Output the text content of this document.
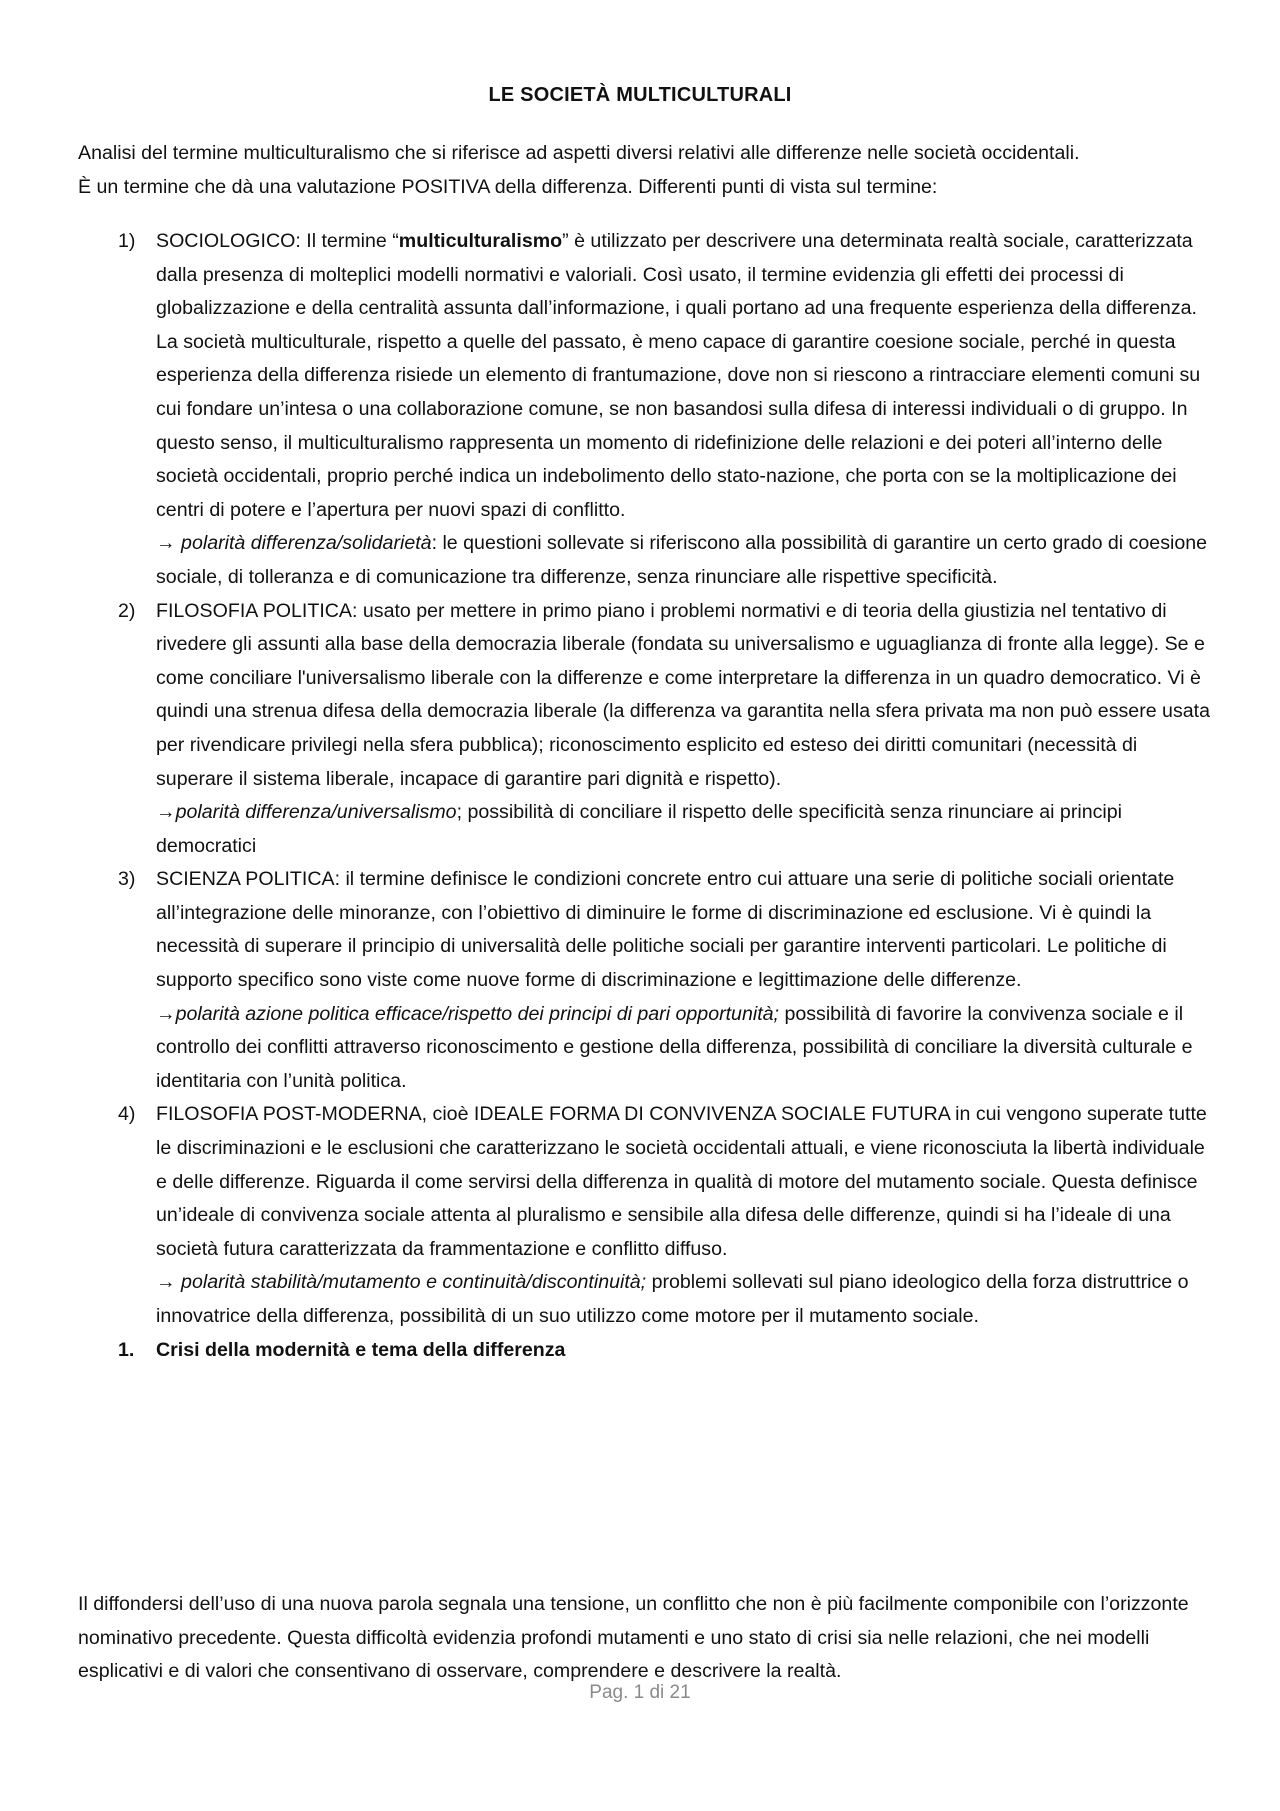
LE SOCIETÀ MULTICULTURALI
Analisi del termine multiculturalismo che si riferisce ad aspetti diversi relativi alle differenze nelle società occidentali.
È un termine che dà una valutazione POSITIVA della differenza. Differenti punti di vista sul termine:
1)	SOCIOLOGICO: Il termine “multiculturalismo” è utilizzato per descrivere una determinata realtà sociale, caratterizzata dalla presenza di molteplici modelli normativi e valoriali. Così usato, il termine evidenzia gli effetti dei processi di globalizzazione e della centralità assunta dall’informazione, i quali portano ad una frequente esperienza della differenza. La società multiculturale, rispetto a quelle del passato, è meno capace di garantire coesione sociale, perché in questa esperienza della differenza risiede un elemento di frantumazione, dove non si riescono a rintracciare elementi comuni su cui fondare un’intesa o una collaborazione comune, se non basandosi sulla difesa di interessi individuali o di gruppo. In questo senso, il multiculturalismo rappresenta un momento di ridefinizione delle relazioni e dei poteri all’interno delle società occidentali, proprio perché indica un indebolimento dello stato-nazione, che porta con se la moltiplicazione dei centri di potere e l’apertura per nuovi spazi di conflitto.

→ polarità differenza/solidarietà: le questioni sollevate si riferiscono alla possibilità di garantire un certo grado di coesione sociale, di tolleranza e di comunicazione tra differenze, senza rinunciare alle rispettive specificità.

2)	FILOSOFIA POLITICA: usato per mettere in primo piano i problemi normativi e di teoria della giustizia nel tentativo di rivedere gli assunti alla base della democrazia liberale (fondata su universalismo e uguaglianza di fronte alla legge). Se e come conciliare l'universalismo liberale con la differenze e come interpretare la differenza in un quadro democratico. Vi è quindi una strenua difesa della democrazia liberale (la differenza va garantita nella sfera privata ma non può essere usata per rivendicare privilegi nella sfera pubblica); riconoscimento esplicito ed esteso dei diritti comunitari (necessità di superare il sistema liberale, incapace di garantire pari dignità e rispetto).

→polarità differenza/universalismo; possibilità di conciliare il rispetto delle specificità senza rinunciare ai principi democratici

3)	SCIENZA POLITICA: il termine definisce le condizioni concrete entro cui attuare una serie di politiche sociali orientate all’integrazione delle minoranze, con l’obiettivo di diminuire le forme di discriminazione ed esclusione. Vi è quindi la necessità di superare il principio di universalità delle politiche sociali per garantire interventi particolari. Le politiche di supporto specifico sono viste come nuove forme di discriminazione e legittimazione delle differenze.

→polarità azione politica efficace/rispetto dei principi di pari opportunità; possibilità di favorire la convivenza sociale e il controllo dei conflitti attraverso riconoscimento e gestione della differenza, possibilità di conciliare la diversità culturale e identitaria con l’unità politica.

4)	FILOSOFIA POST-MODERNA, cioè IDEALE FORMA DI CONVIVENZA SOCIALE FUTURA in cui vengono superate tutte le discriminazioni e le esclusioni che caratterizzano le società occidentali attuali, e viene riconosciuta la libertà individuale e delle differenze. Riguarda il come servirsi della differenza in qualità di motore del mutamento sociale. Questa definisce un’ideale di convivenza sociale attenta al pluralismo e sensibile alla difesa delle differenze, quindi si ha l’ideale di una società futura caratterizzata da frammentazione e conflitto diffuso.

→ polarità stabilità/mutamento e continuità/discontinuità; problemi sollevati sul piano ideologico della forza distruttrice o innovatrice della differenza, possibilità di un suo utilizzo come motore per il mutamento sociale.

1.	Crisi della modernità e tema della differenza
Il diffondersi dell’uso di una nuova parola segnala una tensione, un conflitto che non è più facilmente componibile con l’orizzonte nominativo precedente. Questa difficoltà evidenzia profondi mutamenti e uno stato di crisi sia nelle relazioni, che nei modelli esplicativi e di valori che consentivano di osservare, comprendere e descrivere la realtà.
Pag. 1 di 21
